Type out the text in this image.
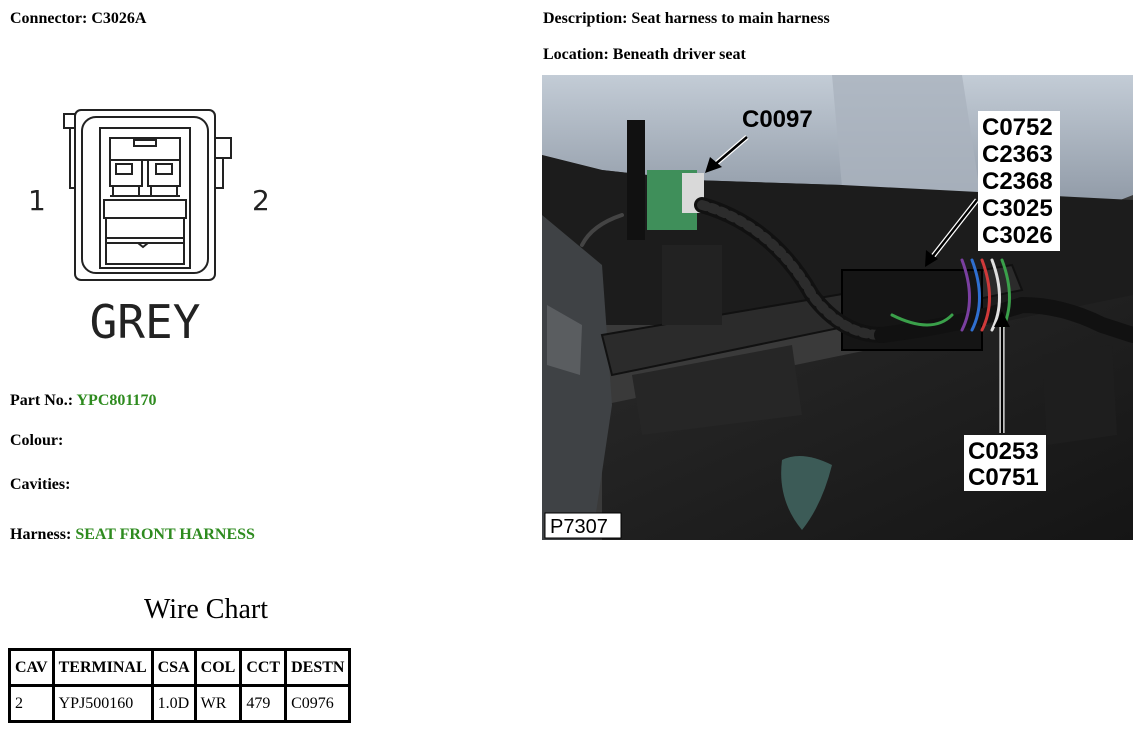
Connector: C3026A	Description: Seat harness to main harness
Location: Beneath driver seat
1	2
GREY
Part No.: YPC801170
Colour:
Cavities:
Harness: SEAT FRONT HARNESS
C0097	C0752
C2363
C2368
C3025
C3026
C0253
C0751
P7307
Wire Chart
CAV	TERMINAL	CSA	COL	CCT	DESTN
2	YPJ500160	1.0D	WR	479	C0976
